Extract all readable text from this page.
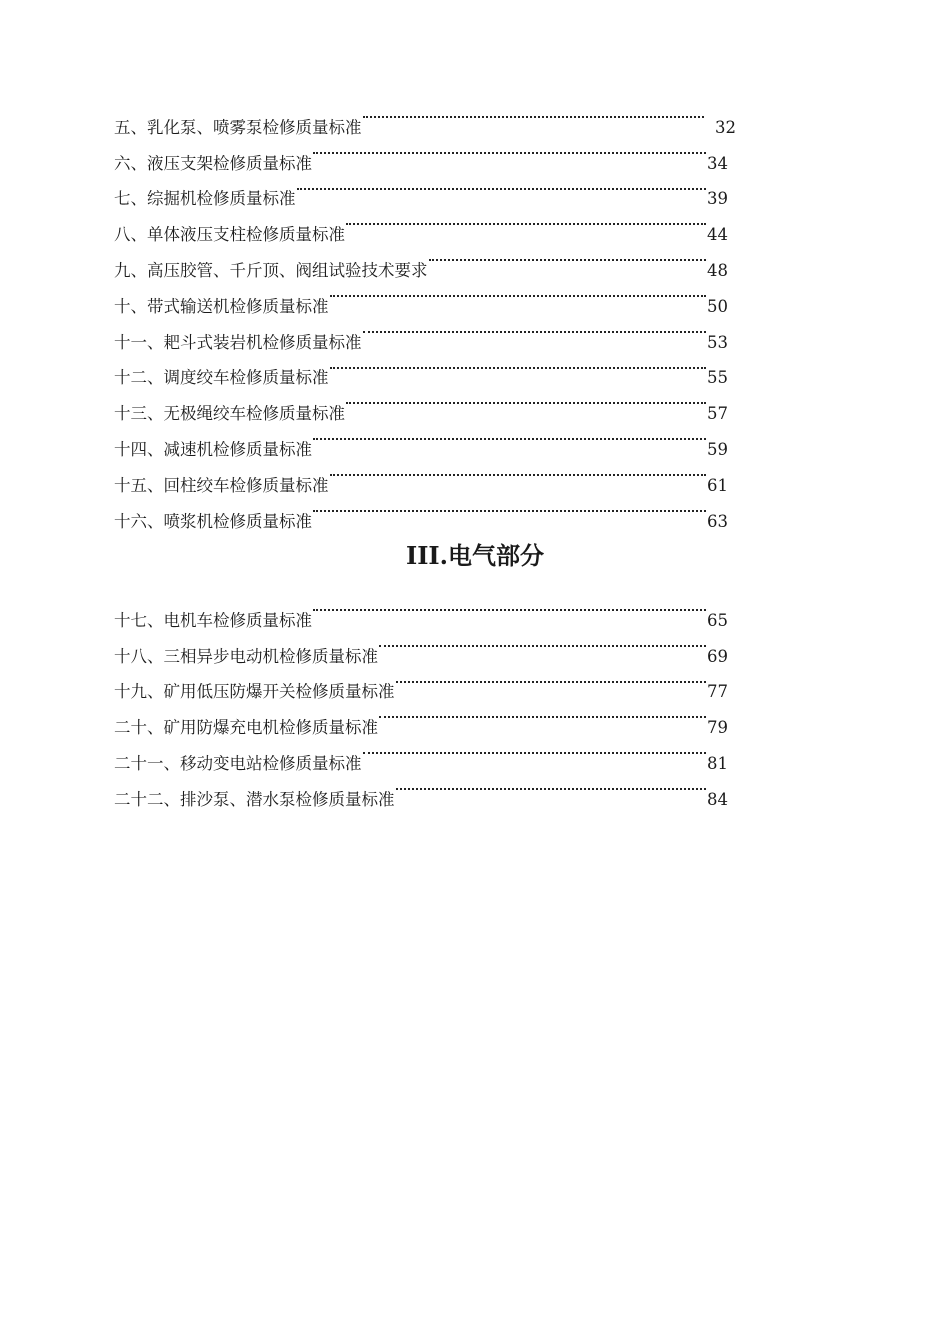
五、乳化泵、喷雾泵检修质量标准	32
六、液压支架检修质量标准	34
七、综掘机检修质量标准	39
八、单体液压支柱检修质量标准	44
九、高压胶管、千斤顶、阀组试验技术要求	48
十、带式输送机检修质量标准	50
十一、耙斗式装岩机检修质量标准	53
十二、调度绞车检修质量标准	55
十三、无极绳绞车检修质量标准	57
十四、减速机检修质量标准	59
十五、回柱绞车检修质量标准	61
十六、喷浆机检修质量标准	63
III.电气部分
十七、电机车检修质量标准	65
十八、三相异步电动机检修质量标准	69
十九、矿用低压防爆开关检修质量标准	77
二十、矿用防爆充电机检修质量标准	79
二十一、移动变电站检修质量标准	81
二十二、排沙泵、潜水泵检修质量标准	84
